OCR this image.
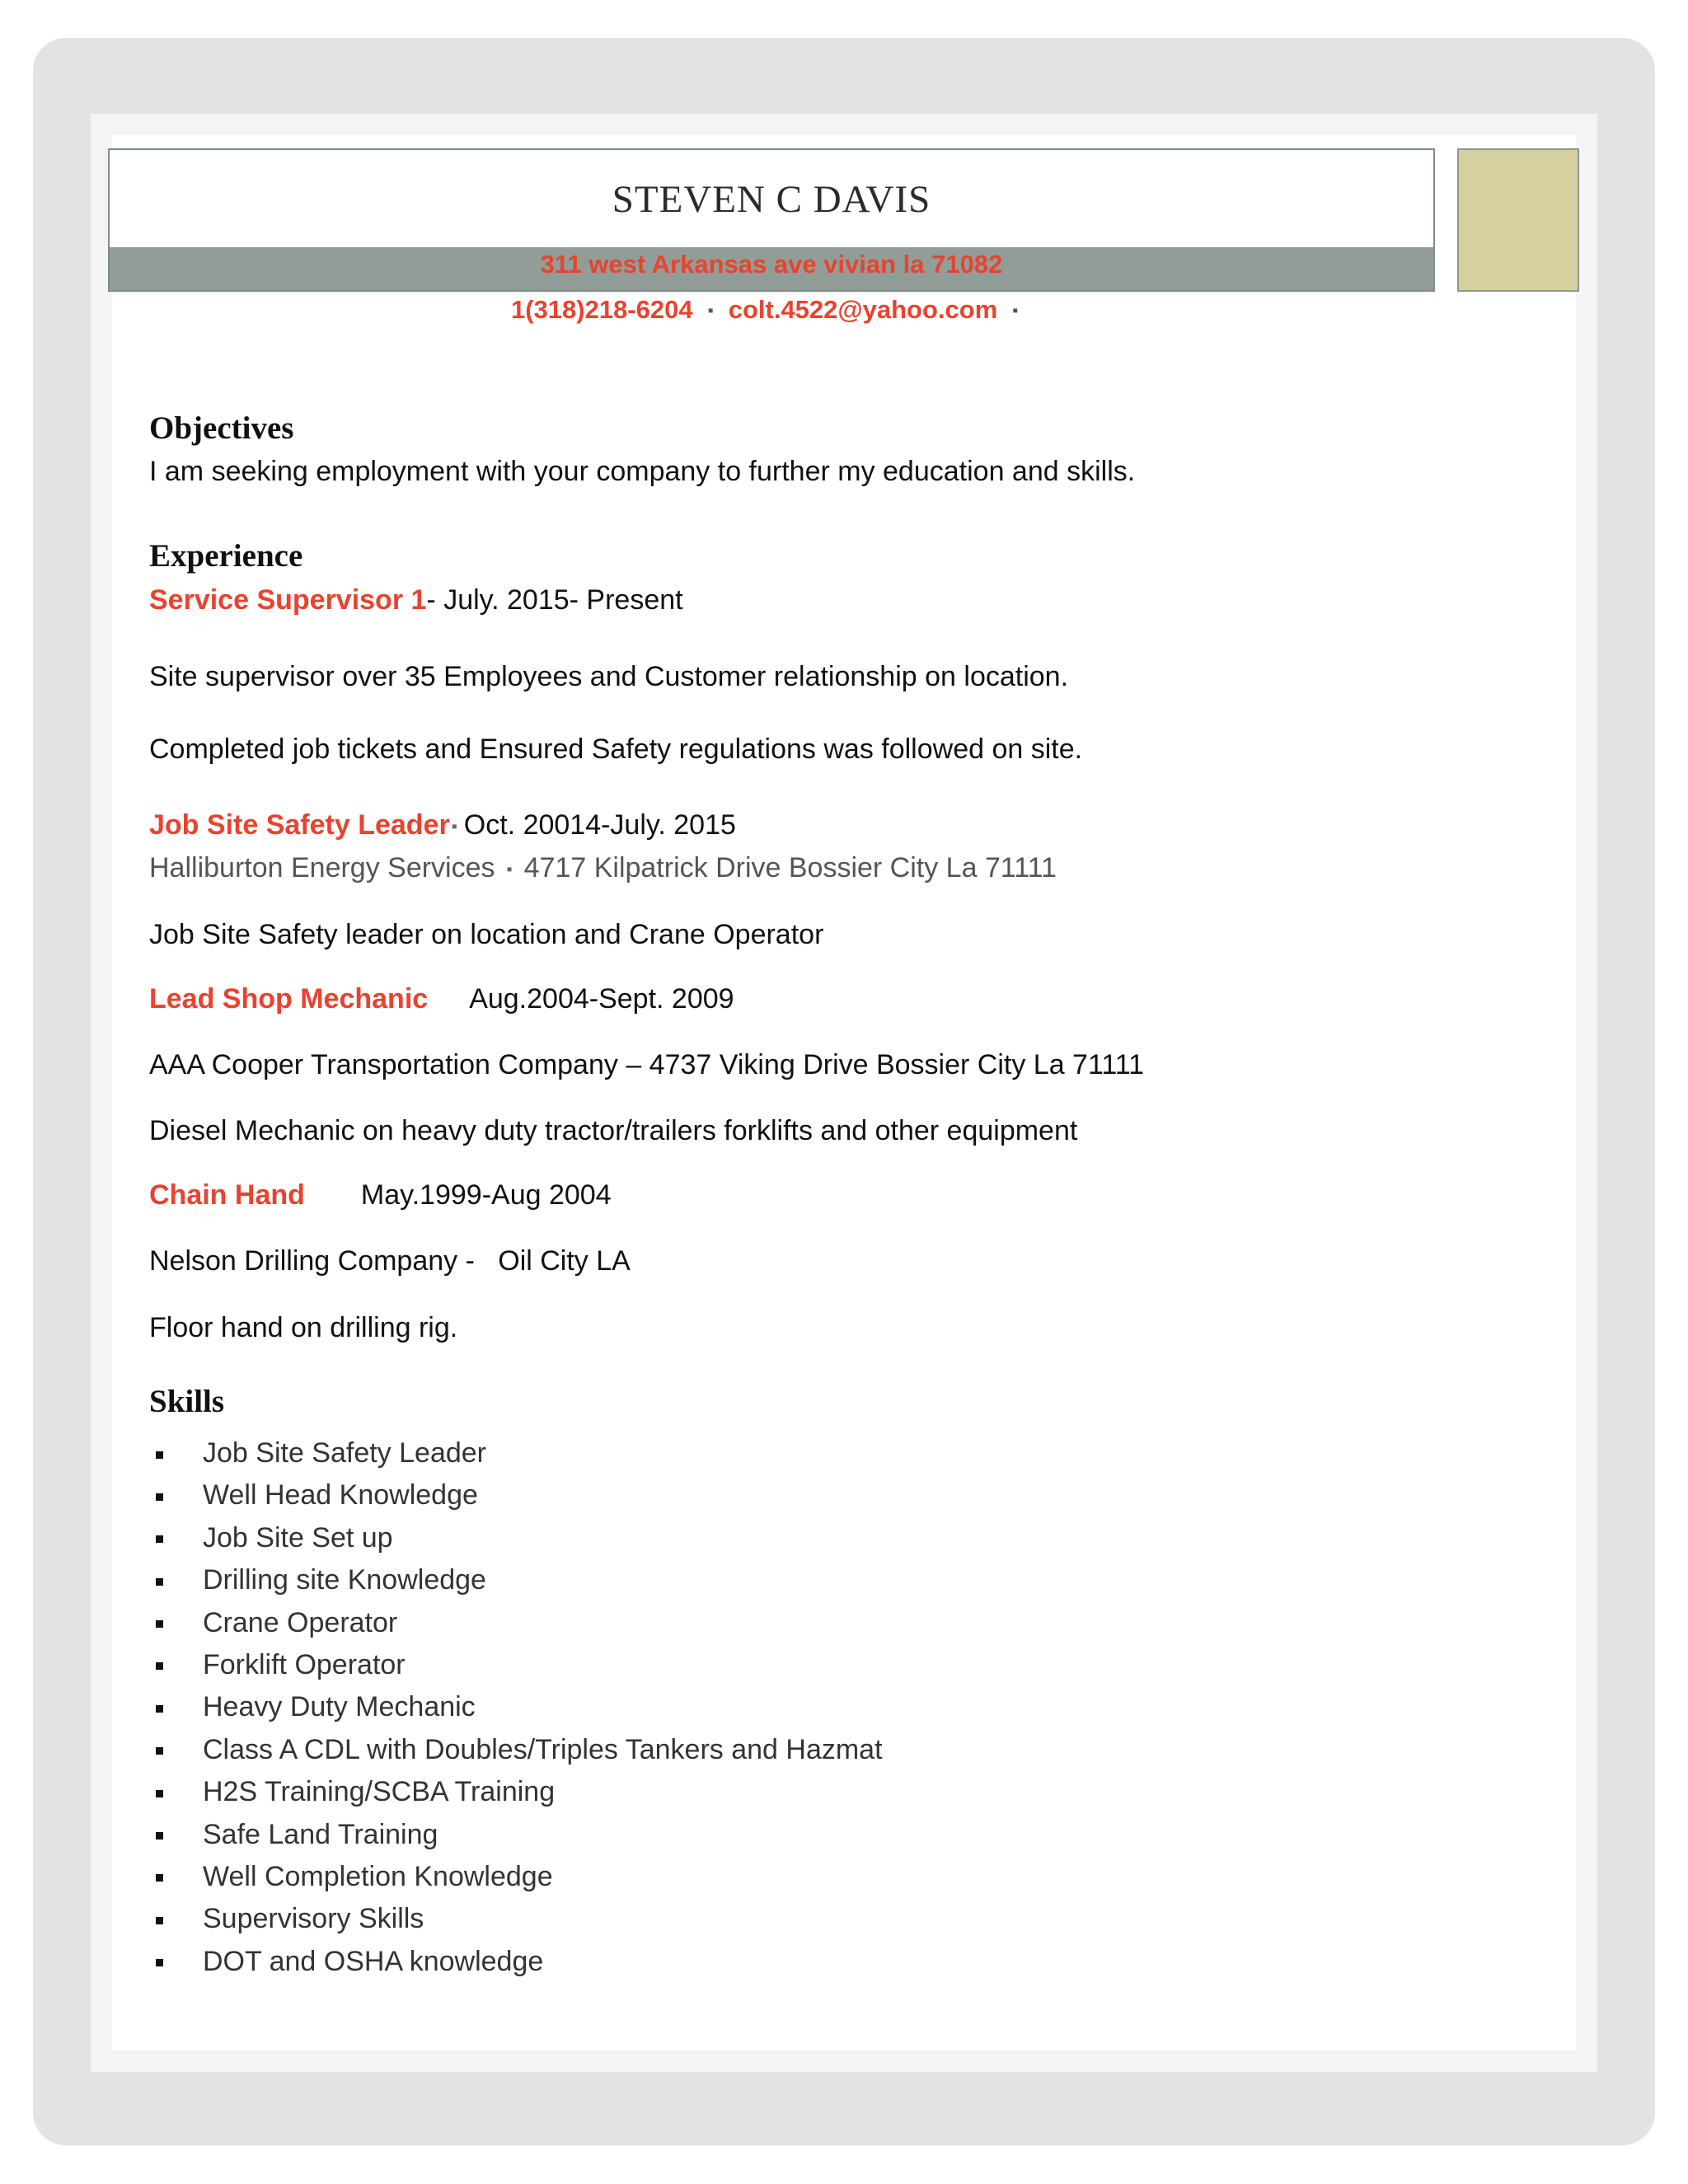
STEVEN C DAVIS
311 west Arkansas ave vivian la 71082
1(318)218-6204 ▪ colt.4522@yahoo.com ▪
Objectives
I am seeking employment with your company to further my education and skills.
Experience
Service Supervisor 1- July. 2015- Present
Site supervisor over 35 Employees and Customer relationship on location.
Completed job tickets and Ensured Safety regulations was followed on site.
Job Site Safety Leader ▪ Oct. 20014-July. 2015
Halliburton Energy Services ▪ 4717 Kilpatrick Drive Bossier City La 71111
Job Site Safety leader on location and Crane Operator
Lead Shop Mechanic Aug.2004-Sept. 2009
AAA Cooper Transportation Company – 4737 Viking Drive Bossier City La 71111
Diesel Mechanic on heavy duty tractor/trailers forklifts and other equipment
Chain Hand May.1999-Aug 2004
Nelson Drilling Company -   Oil City LA
Floor hand on drilling rig.
Skills
Job Site Safety Leader
Well Head Knowledge
Job Site Set up
Drilling site Knowledge
Crane Operator
Forklift Operator
Heavy Duty Mechanic
Class A CDL with Doubles/Triples Tankers and Hazmat
H2S Training/SCBA Training
Safe Land Training
Well Completion Knowledge
Supervisory Skills
DOT and OSHA knowledge
